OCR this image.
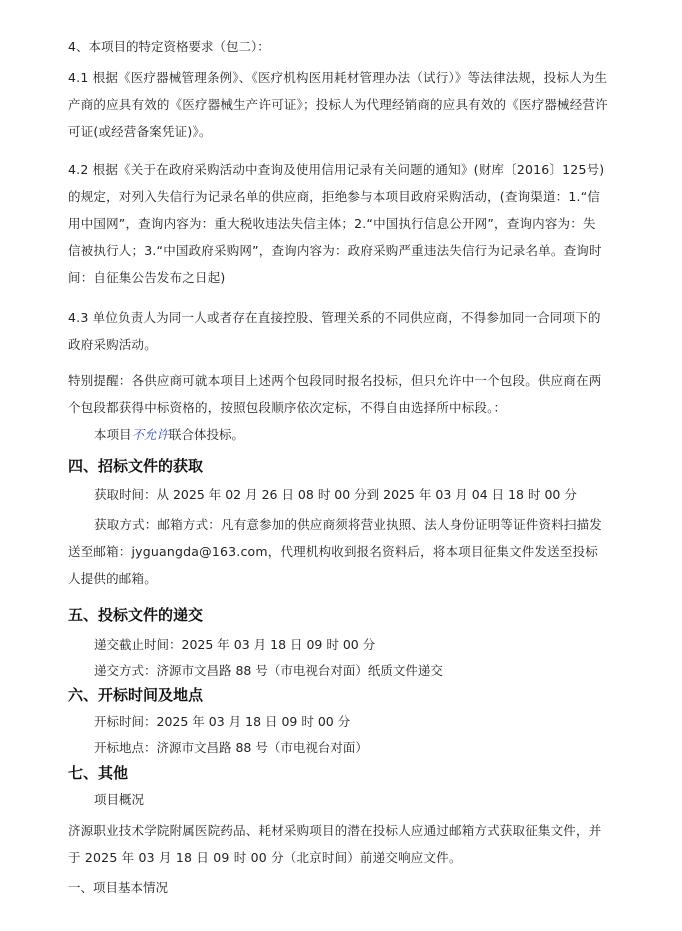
4、本项目的特定资格要求（包二）：
4.1 根据《医疗器械管理条例》、《医疗机构医用耗材管理办法（试行）》等法律法规，投标人为生产商的应具有效的《医疗器械生产许可证》；投标人为代理经销商的应具有效的《医疗器械经营许可证(或经营备案凭证)》。
4.2 根据《关于在政府采购活动中查询及使用信用记录有关问题的通知》(财库〔2016〕125号)的规定，对列入失信行为记录名单的供应商，拒绝参与本项目政府采购活动，(查询渠道：1.“信用中国网”，查询内容为：重大税收违法失信主体；2.“中国执行信息公开网”，查询内容为：失信被执行人；3.“中国政府采购网”，查询内容为：政府采购严重违法失信行为记录名单。查询时间：自征集公告发布之日起)
4.3 单位负责人为同一人或者存在直接控股、管理关系的不同供应商，不得参加同一合同项下的政府采购活动。
特别提醒：各供应商可就本项目上述两个包段同时报名投标，但只允许中一个包段。供应商在两个包段都获得中标资格的，按照包段顺序依次定标，不得自由选择所中标段。：
本项目不允许联合体投标。
四、招标文件的获取
获取时间：从 2025 年 02 月 26 日 08 时 00 分到 2025 年 03 月 04 日 18 时 00 分
获取方式：邮箱方式：凡有意参加的供应商须将营业执照、法人身份证明等证件资料扫描发送至邮箱：jyguangda@163.com，代理机构收到报名资料后，将本项目征集文件发送至投标人提供的邮箱。
五、投标文件的递交
递交截止时间：2025 年 03 月 18 日 09 时 00 分
递交方式：济源市文昌路 88 号（市电视台对面）纸质文件递交
六、开标时间及地点
开标时间：2025 年 03 月 18 日 09 时 00 分
开标地点：济源市文昌路 88 号（市电视台对面）
七、其他
项目概况
济源职业技术学院附属医院药品、耗材采购项目的潜在投标人应通过邮箱方式获取征集文件，并于 2025 年 03 月 18 日 09 时 00 分（北京时间）前递交响应文件。
一、项目基本情况
